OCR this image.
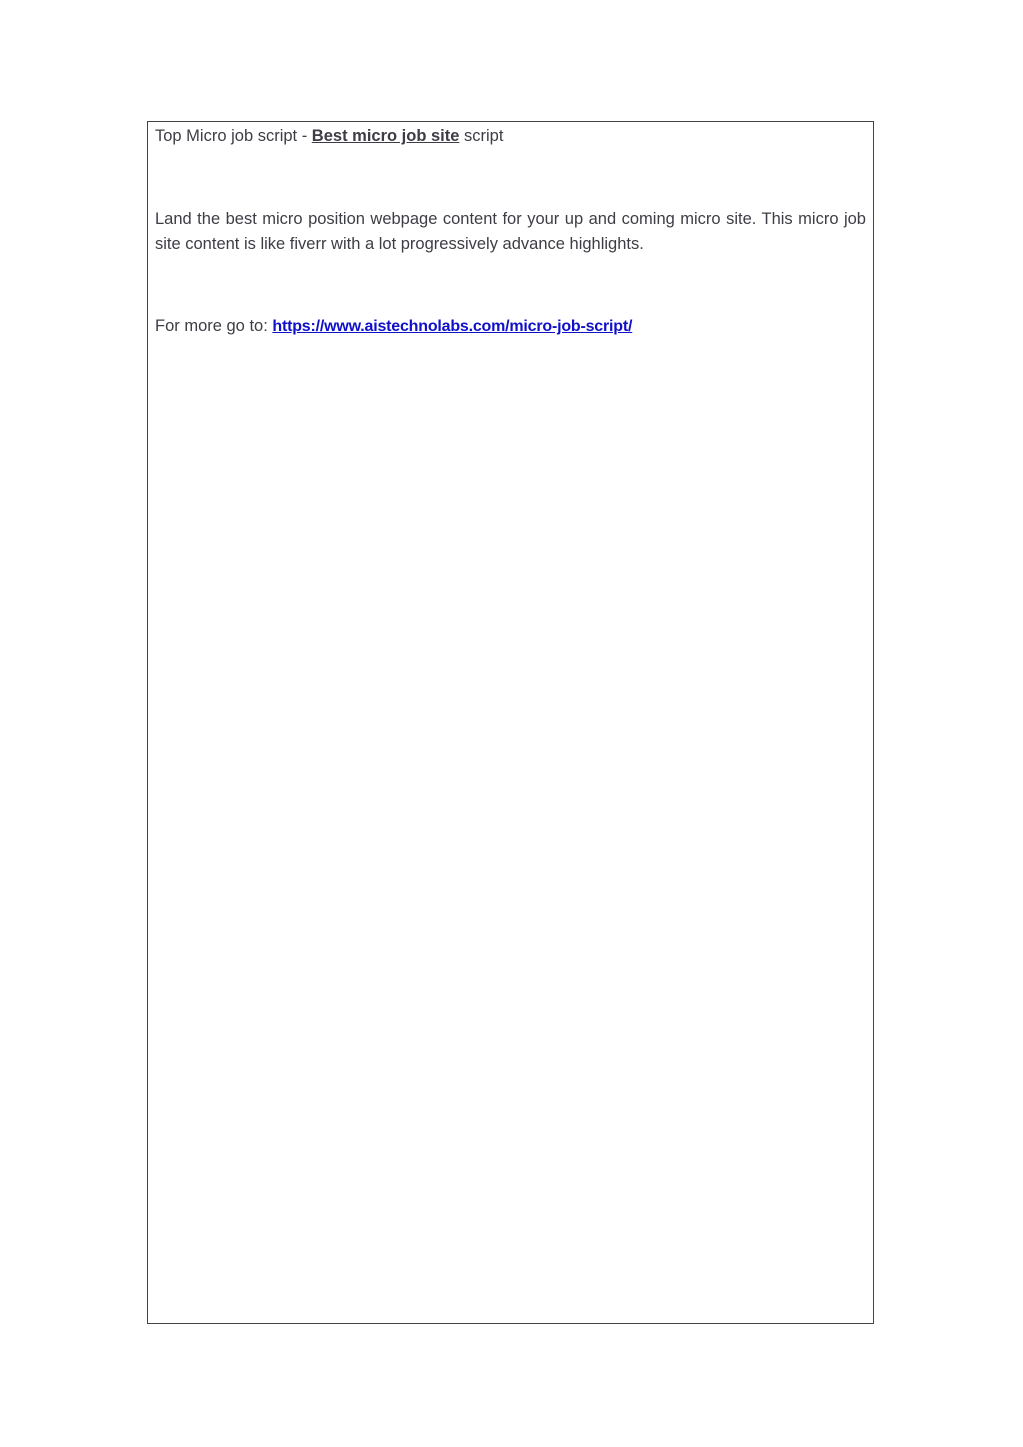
Top Micro job script - Best micro job site script

Land the best micro position webpage content for your up and coming micro site. This micro job site content is like fiverr with a lot progressively advance highlights.

For more go to: https://www.aistechnolabs.com/micro-job-script/
